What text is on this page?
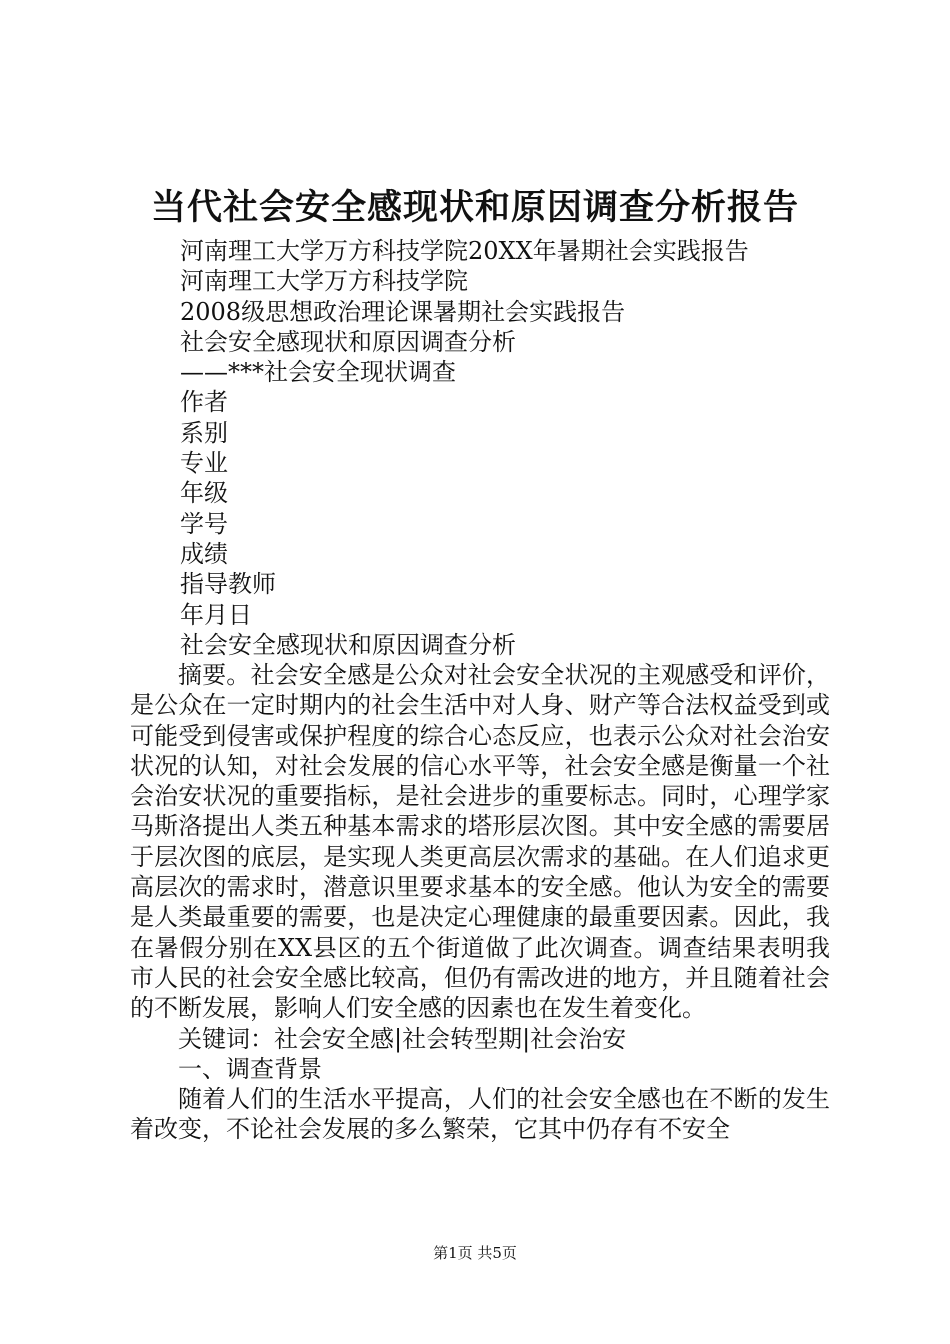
当代社会安全感现状和原因调查分析报告
河南理工大学万方科技学院20XX年暑期社会实践报告
河南理工大学万方科技学院
2008级思想政治理论课暑期社会实践报告
社会安全感现状和原因调查分析
——***社会安全现状调查
作者
系别
专业
年级
学号
成绩
指导教师
年月日
社会安全感现状和原因调查分析

摘要。社会安全感是公众对社会安全状况的主观感受和评价，是公众在一定时期内的社会生活中对人身、财产等合法权益受到或可能受到侵害或保护程度的综合心态反应，也表示公众对社会治安状况的认知，对社会发展的信心水平等，社会安全感是衡量一个社会治安状况的重要指标，是社会进步的重要标志。同时，心理学家马斯洛提出人类五种基本需求的塔形层次图。其中安全感的需要居于层次图的底层，是实现人类更高层次需求的基础。在人们追求更高层次的需求时，潜意识里要求基本的安全感。他认为安全的需要是人类最重要的需要，也是决定心理健康的最重要因素。因此，我在暑假分别在XX县区的五个街道做了此次调查。调查结果表明我市人民的社会安全感比较高，但仍有需改进的地方，并且随着社会的不断发展，影响人们安全感的因素也在发生着变化。

关键词：社会安全感|社会转型期|社会治安
一、调查背景

随着人们的生活水平提高，人们的社会安全感也在不断的发生着改变，不论社会发展的多么繁荣，它其中仍存有不安全

第1页 共5页
